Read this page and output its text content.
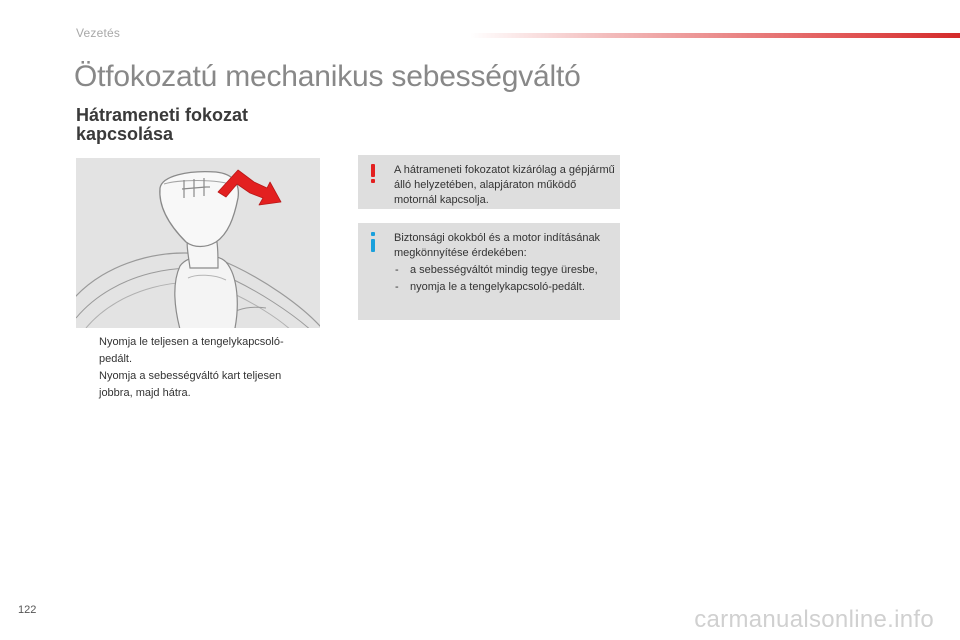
Vezetés
Ötfokozatú mechanikus sebességváltó
Hátrameneti fokozat kapcsolása
Nyomja le teljesen a tengelykapcsoló-pedált.
Nyomja a sebességváltó kart teljesen jobbra, majd hátra.
A hátrameneti fokozatot kizárólag a gépjármű álló helyzetében, alapjáraton működő motornál kapcsolja.

Biztonsági okokból és a motor indításának megkönnyítése érdekében:

- a sebességváltót mindig tegye üresbe,
- nyomja le a tengelykapcsoló-pedált.
122	carmanualsonline.info
